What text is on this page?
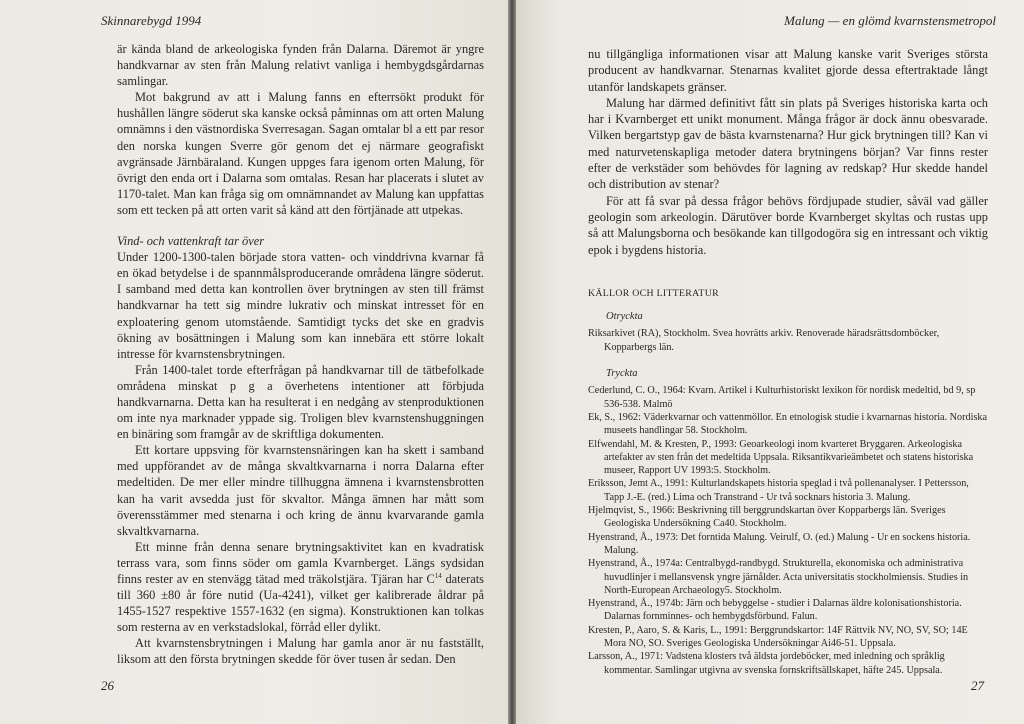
Skinnarebygd 1994

är kända bland de arkeologiska fynden från Dalarna. Däremot är yngre handkvarnar av sten från Malung relativt vanliga i hembygdsgårdarnas samlingar.

Mot bakgrund av att i Malung fanns en efterrsökt produkt för hushållen längre söderut ska kanske också påminnas om att orten Malung omnämns i den västnordiska Sverresagan. Sagan omtalar bl a ett par resor den norska kungen Sverre gör genom det ej närmare geografiskt avgränsade Järnbäraland. Kungen uppges fara igenom orten Malung, för övrigt den enda ort i Dalarna som omtalas. Resan har placerats i slutet av 1170-talet. Man kan fråga sig om omnämnandet av Malung kan uppfattas som ett tecken på att orten varit så känd att den förtjänade att utpekas.

Vind- och vattenkraft tar över

Under 1200-1300-talen började stora vatten- och vinddrivna kvarnar få en ökad betydelse i de spannmålsproducerande områdena längre söderut. I samband med detta kan kontrollen över brytningen av sten till främst handkvarnar ha tett sig mindre lukrativ och minskat intresset för en exploatering genom utomstående. Samtidigt tycks det ske en gradvis ökning av bosättningen i Malung som kan innebära ett större lokalt intresse för kvarnstensbrytningen.

Från 1400-talet torde efterfrågan på handkvarnar till de tätbefolkade områdena minskat p g a överhetens intentioner att förbjuda handkvarnarna. Detta kan ha resulterat i en nedgång av stenproduktionen om inte nya marknader yppade sig. Troligen blev kvarnstenshuggningen en binäring som framgår av de skriftliga dokumenten.

Ett kortare uppsving för kvarnstensnäringen kan ha skett i samband med uppförandet av de många skvaltkvarnarna i norra Dalarna efter medeltiden. De mer eller mindre tillhuggna ämnena i kvarnstensbrotten kan ha varit avsedda just för skvaltor. Många ämnen har mått som överensstämmer med stenarna i och kring de ännu kvarvarande gamla skvaltkvarnarna.

Ett minne från denna senare brytningsaktivitet kan en kvadratisk terrass vara, som finns söder om gamla Kvarnberget. Längs sydsidan finns rester av en stenvägg tätad med träkolstjära. Tjäran har $C^{14}$ daterats till 360 ±80 år före nutid (Ua-4241), vilket ger kalibrerade åldrar på 1455-1527 respektive 1557-1632 (en sigma). Konstruktionen kan tolkas som resterna av en verkstadslokal, förråd eller dylikt.

Att kvarnstensbrytningen i Malung har gamla anor är nu fastställt, liksom att den första brytningen skedde för över tusen år sedan. Den

26
Malung — en glömd kvarnstensmetropol

nu tillgängliga informationen visar att Malung kanske varit Sveriges största producent av handkvarnar. Stenarnas kvalitet gjorde dessa eftertraktade långt utanför landskapets gränser.

Malung har därmed definitivt fått sin plats på Sveriges historiska karta och har i Kvarnberget ett unikt monument. Många frågor är dock ännu obesvarade. Vilken bergartstyp gav de bästa kvarnstenarna? Hur gick brytningen till? Kan vi med naturvetenskapliga metoder datera brytningens början? Var finns rester efter de verkstäder som behövdes för lagning av redskap? Hur skedde handel och distribution av stenar?

För att få svar på dessa frågor behövs fördjupade studier, såväl vad gäller geologin som arkeologin. Därutöver borde Kvarnberget skyltas och rustas upp så att Malungsborna och besökande kan tillgodogöra sig en intressant och viktig epok i bygdens historia.

KÄLLOR OCH LITTERATUR

Otryckta

Riksarkivet (RA), Stockholm. Svea hovrätts arkiv. Renoverade häradsrättsdomböcker, Kopparbergs län.

Tryckta

Cederlund, C. O., 1964: Kvarn. Artikel i Kulturhistoriskt lexikon för nordisk medeltid, bd 9, sp 536-538. Malmö

Ek, S., 1962: Väderkvarnar och vattenmöllor. En etnologisk studie i kvarnarnas historia. Nordiska museets handlingar 58. Stockholm.

Elfwendahl, M. & Kresten, P., 1993: Geoarkeologi inom kvarteret Bryggaren. Arkeologiska artefakter av sten från det medeltida Uppsala. Riksantikvarieämbetet och statens historiska museer, Rapport UV 1993:5. Stockholm.

Eriksson, Jemt A., 1991: Kulturlandskapets historia speglad i två pollenanalyser. I Pettersson, Tapp J.-E. (red.) Lima och Transtrand - Ur två socknars historia 3. Malung.

Hjelmqvist, S., 1966: Beskrivning till berggrundskartan över Kopparbergs län. Sveriges Geologiska Undersökning Ca40. Stockholm.

Hyenstrand, Å., 1973: Det forntida Malung. Veirulf, O. (ed.) Malung - Ur en sockens historia. Malung.

Hyenstrand, Å., 1974a: Centralbygd-randbygd. Strukturella, ekonomiska och administrativa huvudlinjer i mellansvensk yngre järnålder. Acta universitatis stockholmiensis. Studies in North-European Archaeology5. Stockholm.

Hyenstrand, Å., 1974b: Järn och bebyggelse - studier i Dalarnas äldre kolonisationshistoria. Dalarnas fornminnes- och hembygdsförbund. Falun.

Kresten, P., Aaro, S. & Karis, L., 1991: Berggrundskartor: 14F Rättvik NV, NO, SV, SO; 14E Mora NO, SO. Sveriges Geologiska Undersökningar Ai46-51. Uppsala.

Larsson, A., 1971: Vadstena klosters två äldsta jordeböcker, med inledning och språklig kommentar. Samlingar utgivna av svenska fornskriftsällskapet, häfte 245. Uppsala.

27
